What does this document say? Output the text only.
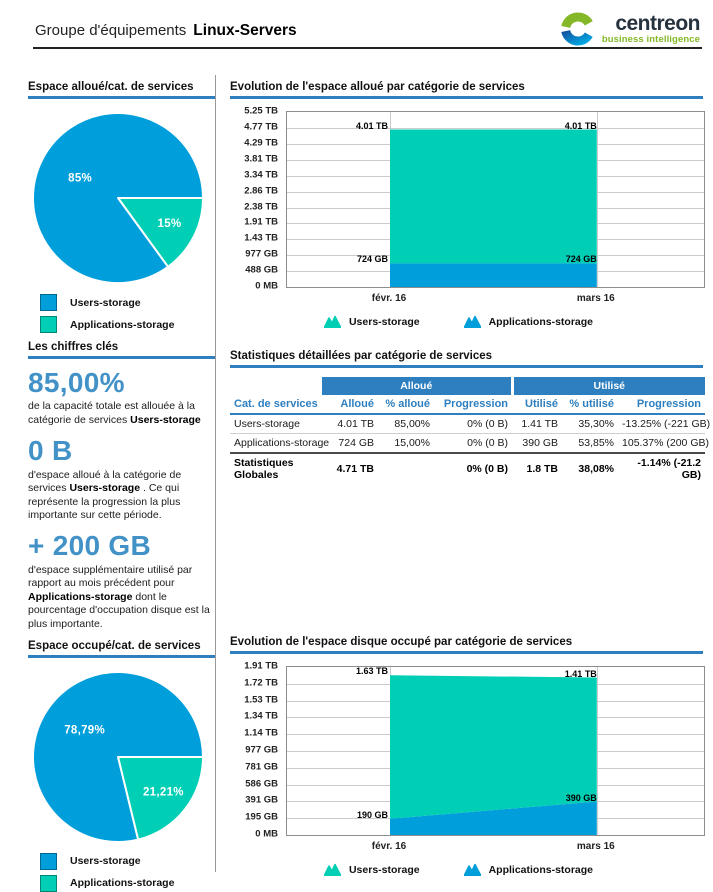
Groupe d'équipements Linux-Servers	centreon
business intelligence
Espace alloué/cat. de services
15%
85%
Users-storage
Applications-storage
Les chiffres clés
85,00%

de la capacité totale est allouée à la catégorie de services Users-storage

0 B

d'espace alloué à la catégorie de services Users-storage . Ce qui représente la progression la plus importante sur cette période.

+ 200 GB

d'espace supplémentaire utilisé par rapport au mois précédent pour Applications-storage dont le pourcentage d'occupation disque est la plus importante.

Espace occupé/cat. de services
21,21%
78,79%
Users-storage
Applications-storage
Evolution de l'espace alloué par catégorie de services
5.25 TB
4.77 TB
4.29 TB
3.81 TB
3.34 TB
2.86 TB
2.38 TB
1.91 TB
1.43 TB
977 GB
488 GB
0 MB
724 GB	724 GB
4.01 TB	4.01 TB
févr. 16	mars 16
Users-storage	Applications-storage
Statistiques détaillées par catégorie de services
	Alloué			Utilisé		
Cat. de services	Alloué	% alloué	Progression	Utilisé	% utilisé	Progression
Users-storage	4.01 TB	85,00%	0% (0 B)	1.41 TB	35,30%	-13.25% (-221 GB)
Applications-storage	724 GB	15,00%	0% (0 B)	390 GB	53,85%	105.37% (200 GB)
Statistiques Globales	4.71 TB		0% (0 B)	1.8 TB	38,08%	-1.14% (-21.2 GB)
Evolution de l'espace disque occupé par catégorie de services
1.91 TB
1.72 TB
1.53 TB
1.34 TB
1.14 TB
977 GB
781 GB
586 GB
391 GB
195 GB
0 MB
190 GB
390 GB
1.63 TB	1.41 TB
févr. 16	mars 16
Users-storage	Applications-storage
